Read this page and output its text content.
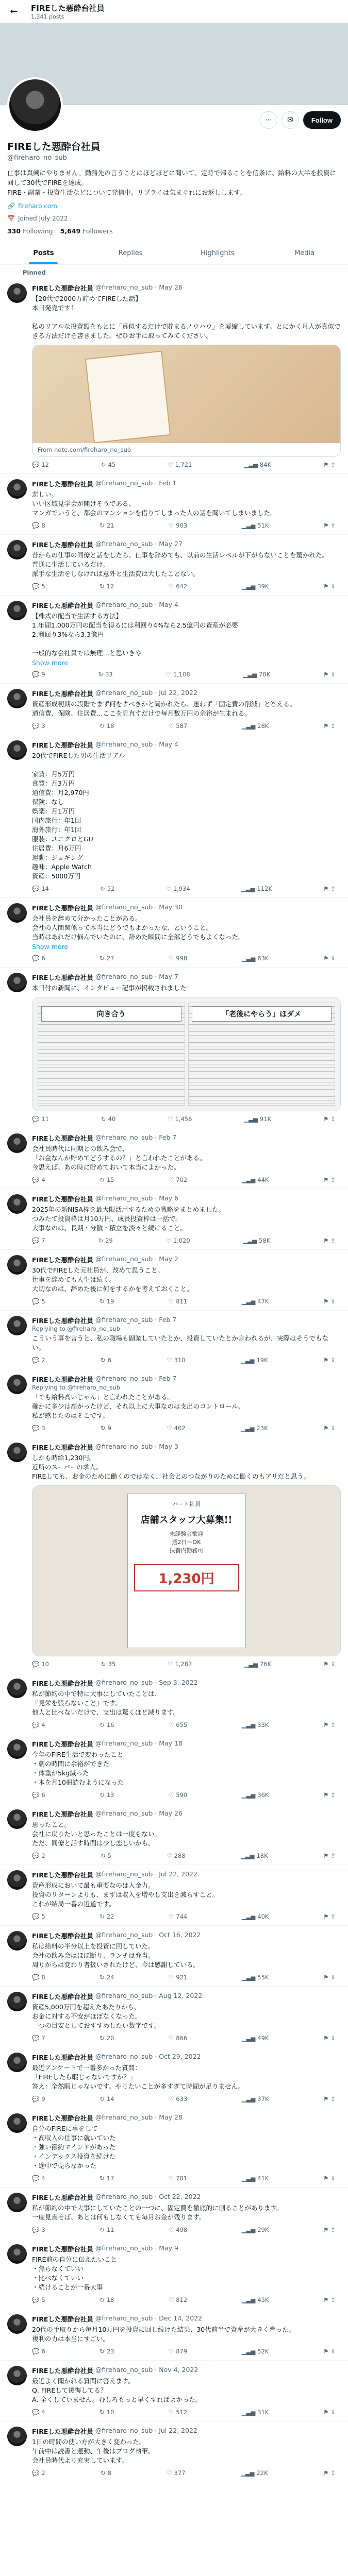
←	FIREした悪酔台社員
1,341 posts
⋯	✉	Follow
FIREした悪酔台社員
@fireharo_no_sub
仕事は真剣にやりません。勤務先の言うことはほどほどに聞いて、定時で帰ることを信条に、給料の大半を投資に回して30代でFIREを達成。
FIRE・副業・投資生活などについて発信中。リプライは気まぐれにお返しします。
🔗 fireharo.com
📅 Joined July 2022
330 Following 5,649 Followers
Posts	Replies	Highlights	Media
Pinned
FIREした悪酔台社員 @fireharo_no_sub · May 26
【20代で2000万貯めてFIREした話】
本日発売です！

私のリアルな投資額をもとに「真似するだけで貯まるノウハウ」を凝縮しています。とにかく凡人が真似できる方法だけを書きました。ぜひお手に取ってみてください。
From note.com/fireharo_no_sub
💬 12	↻ 45	♡ 1,721	▁▃▅ 84K	⚑ ⇪
FIREした悪酔台社員 @fireharo_no_sub · Feb 1
悲しい。
いい区域見学会が開けそうである。
マンガでいうと、都会のマンションを借りてしまった人の話を聞いてしまいました。
💬 8	↻ 21	♡ 903	▁▃▅ 51K	⚑ ⇪
FIREした悪酔台社員 @fireharo_no_sub · May 27
昔からの仕事の同僚と話をしたら、仕事を辞めても、以前の生活レベルが下がらないことを驚かれた。
普通に生活しているだけ。
派手な生活をしなければ意外と生活費は大したことない。
💬 5	↻ 12	♡ 642	▁▃▅ 39K	⚑ ⇪
FIREした悪酔台社員 @fireharo_no_sub · May 4
【株式の配当で生活する方法】
1.年間1,000万円の配当を得るには利回り4%なら2.5億円の資産が必要
2.利回り3%なら3.3億円

一般的な会社員では無理…と思いきや
Show more
💬 9	↻ 33	♡ 1,108	▁▃▅ 70K	⚑ ⇪
FIREした悪酔台社員 @fireharo_no_sub · Jul 22, 2022
資産形成初期の段階でまず何をすべきかと聞かれたら、迷わず「固定費の削減」と答える。
通信費、保険、住居費…ここを見直すだけで毎月数万円の余裕が生まれる。
💬 3	↻ 18	♡ 587	▁▃▅ 28K	⚑ ⇪
FIREした悪酔台社員 @fireharo_no_sub · May 4
20代でFIREした男の生活リアル

家賃：月5万円
食費：月3万円
通信費：月2,970円
保険：なし
娯楽：月1万円
国内旅行：年1回
海外旅行：年1回
服装：ユニクロとGU
住居費：月6万円
運動：ジョギング
趣味：Apple Watch
資産：5000万円
💬 14	↻ 52	♡ 1,934	▁▃▅ 112K	⚑ ⇪
FIREした悪酔台社員 @fireharo_no_sub · May 30
会社員を辞めて分かったことがある。
会社の人間関係って本当にどうでもよかったな、ということ。
当時はあれだけ悩んでいたのに、辞めた瞬間に全部どうでもよくなった。
Show more
💬 6	↻ 27	♡ 998	▁▃▅ 63K	⚑ ⇪
FIREした悪酔台社員 @fireharo_no_sub · May 7
本日付の新聞に、インタビュー記事が掲載されました！
向き合う	「老後にやらう」ほダメ
💬 11	↻ 40	♡ 1,456	▁▃▅ 91K	⚑ ⇪
FIREした悪酔台社員 @fireharo_no_sub · Feb 7
会社員時代に同期との飲み会で、
「お金なんか貯めてどうするの？」と言われたことがある。
今思えば、あの時に貯めておいて本当によかった。
💬 4	↻ 15	♡ 702	▁▃▅ 44K	⚑ ⇪
FIREした悪酔台社員 @fireharo_no_sub · May 6
2025年の新NISA枠を最大限活用するための戦略をまとめました。
つみたて投資枠は月10万円、成長投資枠は一括で。
大事なのは、長期・分散・積立を淡々と続けること。
💬 7	↻ 29	♡ 1,020	▁▃▅ 58K	⚑ ⇪
FIREした悪酔台社員 @fireharo_no_sub · May 2
30代でFIREした元社員が、改めて思うこと。
仕事を辞めても人生は続く。
大切なのは、辞めた後に何をするかを考えておくこと。
💬 5	↻ 19	♡ 811	▁▃▅ 47K	⚑ ⇪
FIREした悪酔台社員 @fireharo_no_sub · Feb 7
Replying to @fireharo_no_sub
こういう事を言うと、私の職場も副業していたとか、投資していたとか言われるが、実際はそうでもない。
💬 2	↻ 6	♡ 310	▁▃▅ 19K	⚑ ⇪
FIREした悪酔台社員 @fireharo_no_sub · Feb 7
Replying to @fireharo_no_sub
「でも給料高いじゃん」と言われたことがある。
確かに多少は高かったけど、それ以上に大事なのは支出のコントロール。
私が感じたのはそこです。
💬 3	↻ 9	♡ 402	▁▃▅ 23K	⚑ ⇪
FIREした悪酔台社員 @fireharo_no_sub · May 3
しかも時給1,230円。
近所のスーパーの求人。
FIREしても、お金のために働くのではなく、社会とのつながりのために働くのもアリだと思う。
パート社員
店舗スタッフ大募集!!
未経験者歓迎
週2日〜OK
扶養内勤務可
1,230円
💬 10	↻ 35	♡ 1,287	▁▃▅ 76K	⚑ ⇪
FIREした悪酔台社員 @fireharo_no_sub · Sep 3, 2022
私が節約の中で特に大事にしていたことは、
『見栄を張らないこと』です。
他人と比べないだけで、支出は驚くほど減ります。
💬 4	↻ 16	♡ 655	▁▃▅ 33K	⚑ ⇪
FIREした悪酔台社員 @fireharo_no_sub · May 18
今年のFIRE生活で変わったこと
・朝の時間に余裕ができた
・体重が5kg減った
・本を月10冊読むようになった
💬 6	↻ 13	♡ 590	▁▃▅ 36K	⚑ ⇪
FIREした悪酔台社員 @fireharo_no_sub · May 26
思ったこと。
会社に戻りたいと思ったことは一度もない。
ただ、同僚と話す時間は少し恋しいかも。
💬 2	↻ 5	♡ 288	▁▃▅ 18K	⚑ ⇪
FIREした悪酔台社員 @fireharo_no_sub · Jul 22, 2022
資産形成において最も重要なのは入金力。
投資のリターンよりも、まずは収入を増やし支出を減らすこと。
これが結局一番の近道です。
💬 5	↻ 22	♡ 744	▁▃▅ 40K	⚑ ⇪
FIREした悪酔台社員 @fireharo_no_sub · Oct 16, 2022
私は給料の半分以上を投資に回していた。
会社の飲み会はほぼ断り、ランチは弁当。
周りからは変わり者扱いされたけど、今は感謝している。
💬 8	↻ 24	♡ 921	▁▃▅ 55K	⚑ ⇪
FIREした悪酔台社員 @fireharo_no_sub · Aug 12, 2022
資産5,000万円を超えたあたりから、
お金に対する不安がほぼなくなった。
一つの目安としておすすめしたい数字です。
💬 7	↻ 20	♡ 866	▁▃▅ 49K	⚑ ⇪
FIREした悪酔台社員 @fireharo_no_sub · Oct 29, 2022
最近アンケートで一番多かった質問：
「FIREしたら暇じゃないですか？」
答え：全然暇じゃないです。やりたいことが多すぎて時間が足りません。
💬 9	↻ 14	♡ 633	▁▃▅ 37K	⚑ ⇪
FIREした悪酔台社員 @fireharo_no_sub · May 28
自分のFIREに事をして
・高収入の仕事に就いていた
・強い節約マインドがあった
・インデックス投資を続けた
・途中で売らなかった
💬 4	↻ 17	♡ 701	▁▃▅ 41K	⚑ ⇪
FIREした悪酔台社員 @fireharo_no_sub · Oct 22, 2022
私が節約の中で大事にしていたことの一つに、固定費を徹底的に削ることがあります。
一度見直せば、あとは何もしなくても毎月お金が残ります。
💬 3	↻ 11	♡ 498	▁▃▅ 29K	⚑ ⇪
FIREした悪酔台社員 @fireharo_no_sub · May 9
FIRE前の自分に伝えたいこと
・焦らなくていい
・比べなくていい
・続けることが一番大事
💬 5	↻ 18	♡ 812	▁▃▅ 45K	⚑ ⇪
FIREした悪酔台社員 @fireharo_no_sub · Dec 14, 2022
20代の手取りから毎月10万円を投資に回し続けた結果、30代前半で資産が大きく育った。
複利の力は本当にすごい。
💬 6	↻ 23	♡ 879	▁▃▅ 52K	⚑ ⇪
FIREした悪酔台社員 @fireharo_no_sub · Nov 4, 2022
最近よく聞かれる質問に答えます。
Q. FIREして後悔してる？
A. 全くしていません。むしろもっと早くすればよかった。
💬 4	↻ 10	♡ 512	▁▃▅ 31K	⚑ ⇪
FIREした悪酔台社員 @fireharo_no_sub · Jul 22, 2022
1日の時間の使い方が大きく変わった。
午前中は読書と運動、午後はブログ執筆。
会社員時代より充実しています。
💬 2	↻ 8	♡ 377	▁▃▅ 22K	⚑ ⇪
